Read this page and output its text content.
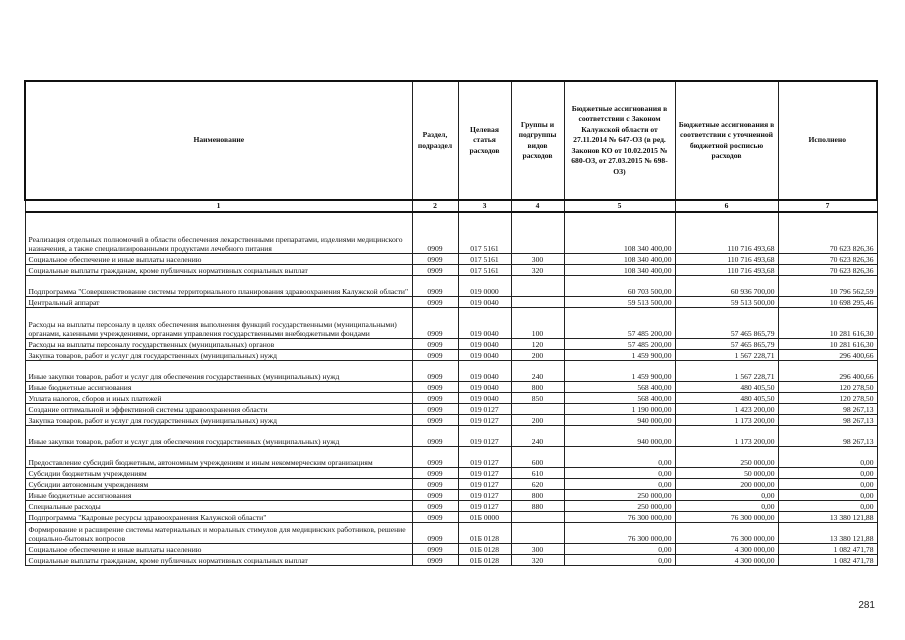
Наименование	Раздел, подраздел	Целевая статья расходов	Группы и подгруппы видов расходов	Бюджетные ассигнования в соответствии с Законом Калужской области от 27.11.2014 № 647-ОЗ (в ред. Законов КО от 10.02.2015 № 680-ОЗ, от 27.03.2015 № 698-ОЗ)	Бюджетные ассигнования в соответствии с уточненной бюджетной росписью расходов	Исполнено
1	2	3	4	5	6	7
Реализация отдельных полномочий в области обеспечения лекарственными препаратами, изделиями медицинского назначения, а также специализированными продуктами лечебного питания	0909	017 5161		108 340 400,00	110 716 493,68	70 623 826,36
Социальное обеспечение и иные выплаты населению	0909	017 5161	300	108 340 400,00	110 716 493,68	70 623 826,36
Социальные выплаты гражданам, кроме публичных нормативных социальных выплат	0909	017 5161	320	108 340 400,00	110 716 493,68	70 623 826,36
Подпрограмма "Совершенствование системы территориального планирования здравоохранения Калужской области"	0909	019 0000		60 703 500,00	60 936 700,00	10 796 562,59
Центральный аппарат	0909	019 0040		59 513 500,00	59 513 500,00	10 698 295,46
Расходы на выплаты персоналу в целях обеспечения выполнения функций государственными (муниципальными) органами, казенными учреждениями, органами управления государственными внебюджетными фондами	0909	019 0040	100	57 485 200,00	57 465 865,79	10 281 616,30
Расходы на выплаты персоналу государственных (муниципальных) органов	0909	019 0040	120	57 485 200,00	57 465 865,79	10 281 616,30
Закупка товаров, работ и услуг для государственных (муниципальных) нужд	0909	019 0040	200	1 459 900,00	1 567 228,71	296 400,66
Иные закупки товаров, работ и услуг для обеспечения государственных (муниципальных) нужд	0909	019 0040	240	1 459 900,00	1 567 228,71	296 400,66
Иные бюджетные ассигнования	0909	019 0040	800	568 400,00	480 405,50	120 278,50
Уплата налогов, сборов и иных платежей	0909	019 0040	850	568 400,00	480 405,50	120 278,50
Создание оптимальной и эффективной системы здравоохранения области	0909	019 0127		1 190 000,00	1 423 200,00	98 267,13
Закупка товаров, работ и услуг для государственных (муниципальных) нужд	0909	019 0127	200	940 000,00	1 173 200,00	98 267,13
Иные закупки товаров, работ и услуг для обеспечения государственных (муниципальных) нужд	0909	019 0127	240	940 000,00	1 173 200,00	98 267,13
Предоставление субсидий бюджетным, автономным учреждениям и иным некоммерческим организациям	0909	019 0127	600	0,00	250 000,00	0,00
Субсидии бюджетным учреждениям	0909	019 0127	610	0,00	50 000,00	0,00
Субсидии автономным учреждениям	0909	019 0127	620	0,00	200 000,00	0,00
Иные бюджетные ассигнования	0909	019 0127	800	250 000,00	0,00	0,00
Специальные расходы	0909	019 0127	880	250 000,00	0,00	0,00
Подпрограмма "Кадровые ресурсы здравоохранения Калужской области"	0909	01Б 0000		76 300 000,00	76 300 000,00	13 380 121,88
Формирование и расширение системы материальных и моральных стимулов для медицинских работников, решение социально-бытовых вопросов	0909	01Б 0128		76 300 000,00	76 300 000,00	13 380 121,88
Социальное обеспечение и иные выплаты населению	0909	01Б 0128	300	0,00	4 300 000,00	1 082 471,78
Социальные выплаты гражданам, кроме публичных нормативных социальных выплат	0909	01Б 0128	320	0,00	4 300 000,00	1 082 471,78
281
